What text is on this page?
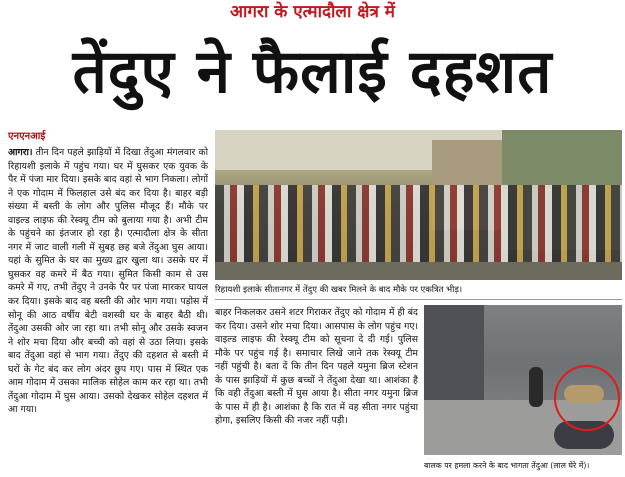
आगरा के एत्मादौला क्षेत्र में
तेंदुए ने फैलाई दहशत
एनएनआई
आगरा। तीन दिन पहले झाड़ियों में दिखा तेंदुआ मंगलवार को रिहायशी इलाके में पहुंच गया। घर में घुसकर एक युवक के पैर में पंजा मार दिया। इसके बाद वहां से भाग निकला। लोगों ने एक गोदाम में फिलहाल उसे बंद कर दिया है। बाहर बड़ी संख्या में बस्ती के लोग और पुलिस मौजूद हैं। मौके पर वाइल्ड लाइफ की रेस्क्यू टीम को बुलाया गया है। अभी टीम के पहुंचने का इंतजार हो रहा है। एत्मादौला क्षेत्र के सीता नगर में जाट वाली गली में सुबह छह बजे तेंदुआ घुस आया। यहां के सुमित के घर का मुख्य द्वार खुला था। उसके घर में घुसकर वह कमरे में बैठ गया। सुमित किसी काम से उस कमरे में गए, तभी तेंदुए ने उनके पैर पर पंजा मारकर घायल कर दिया। इसके बाद वह बस्ती की ओर भाग गया। पड़ोस में सोनू की आठ वर्षीय बेटी वशस्वी घर के बाहर बैठी थी। तेंदुआ उसकी ओर जा रहा था। तभी सोनू और उसके स्वजन ने शोर मचा दिया और बच्ची को वहां से उठा लिया। इसके बाद तेंदुआ वहां से भाग गया। तेंदुए की दहशत से बस्ती में घरों के गेट बंद कर लोग अंदर छुप गए। पास में स्थित एक आम गोदाम में उसका मालिक सोहेल काम कर रहा था। तभी तेंदुआ गोदाम में घुस आया। उसको देखकर सोहेल दहशत में आ गया।
रिहायशी इलाके सीतानगर में तेंदुए की खबर मिलने के बाद मौके पर एकत्रित भीड़।
बाहर निकलकर उसने शटर गिराकर तेंदुए को गोदाम में ही बंद कर दिया। उसने शोर मचा दिया। आसपास के लोग पहुंच गए। वाइल्ड लाइफ की रेस्क्यू टीम को सूचना दे दी गई। पुलिस मौके पर पहुंच गई है। समाचार लिखे जाने तक रेस्क्यू टीम नहीं पहुंची है। बता दें कि तीन दिन पहले यमुना ब्रिज स्टेशन के पास झाड़ियों में कुछ बच्चों ने तेंदुआ देखा था। आशंका है कि वही तेंदुआ बस्ती में घुस आया है। सीता नगर यमुना ब्रिज के पास में ही है। आशंका है कि रात में वह सीता नगर पहुंचा होगा, इसलिए किसी की नजर नहीं पड़ी।
बालक पर हमला करने के बाद भागता तेंदुआ (लाल घेरे में)।
